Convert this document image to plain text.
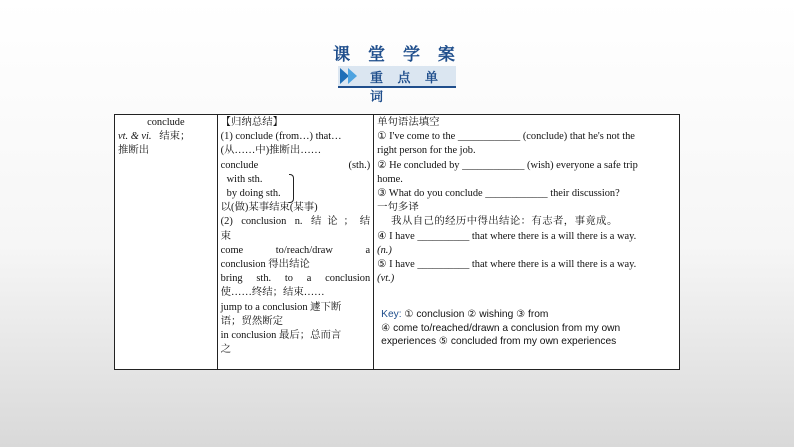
课 堂 学 案
重 点 单 词
conclude
vt. & vi. 结束；
推断出

【归纳总结】
(1) conclude (from…) that…
(从……中)推断出……
conclude (sth.)
with sth.
by doing sth.
以(做)某事结束(某事)
(2) conclusion n. 结论；结
束
come to/reach/draw a
conclusion 得出结论
bring sth. to a conclusion
使……终结；结束……
jump to a conclusion 遽下断
语；贸然断定
in conclusion 最后；总而言
之

单句语法填空
① I've come to the ____________ (conclude) that he's not the
right person for the job.
② He concluded by ____________ (wish) everyone a safe trip
home.
③ What do you conclude ____________ their discussion?
一句多译
我从自己的经历中得出结论：有志者，事竟成。
④ I have __________ that where there is a will there is a way.
(n.)
⑤ I have __________ that where there is a will there is a way.
(vt.)
Key: ① conclusion ② wishing ③ from
④ come to/reached/drawn a conclusion from my own
experiences ⑤ concluded from my own experiences
